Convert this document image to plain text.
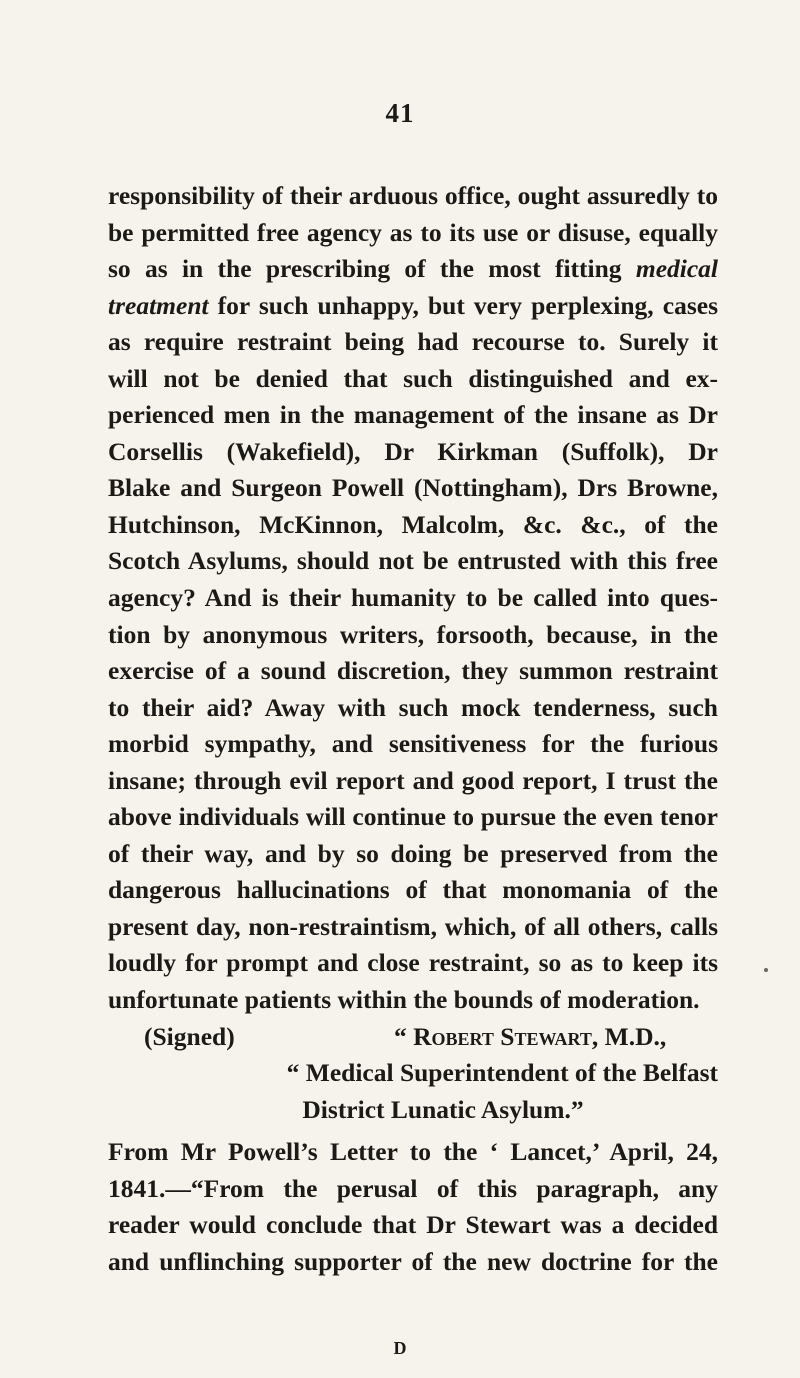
41
responsibility of their arduous office, ought assuredly to
be permitted free agency as to its use or disuse, equally
so as in the prescribing of the most fitting medical
treatment for such unhappy, but very perplexing, cases
as require restraint being had recourse to. Surely it
will not be denied that such distinguished and ex-
perienced men in the management of the insane as Dr
Corsellis (Wakefield), Dr Kirkman (Suffolk), Dr
Blake and Surgeon Powell (Nottingham), Drs Browne,
Hutchinson, McKinnon, Malcolm, &c. &c., of the
Scotch Asylums, should not be entrusted with this free
agency? And is their humanity to be called into ques-
tion by anonymous writers, forsooth, because, in the
exercise of a sound discretion, they summon restraint
to their aid? Away with such mock tenderness, such
morbid sympathy, and sensitiveness for the furious
insane; through evil report and good report, I trust the
above individuals will continue to pursue the even tenor
of their way, and by so doing be preserved from the
dangerous hallucinations of that monomania of the
present day, non-restraintism, which, of all others, calls
loudly for prompt and close restraint, so as to keep its
unfortunate patients within the bounds of moderation.
(Signed)	“ Robert Stewart, M.D.,
“ Medical Superintendent of the Belfast
District Lunatic Asylum.”
From Mr Powell’s Letter to the ‘ Lancet,’ April, 24,
1841.—“From the perusal of this paragraph, any
reader would conclude that Dr Stewart was a decided
and unflinching supporter of the new doctrine for the
D
